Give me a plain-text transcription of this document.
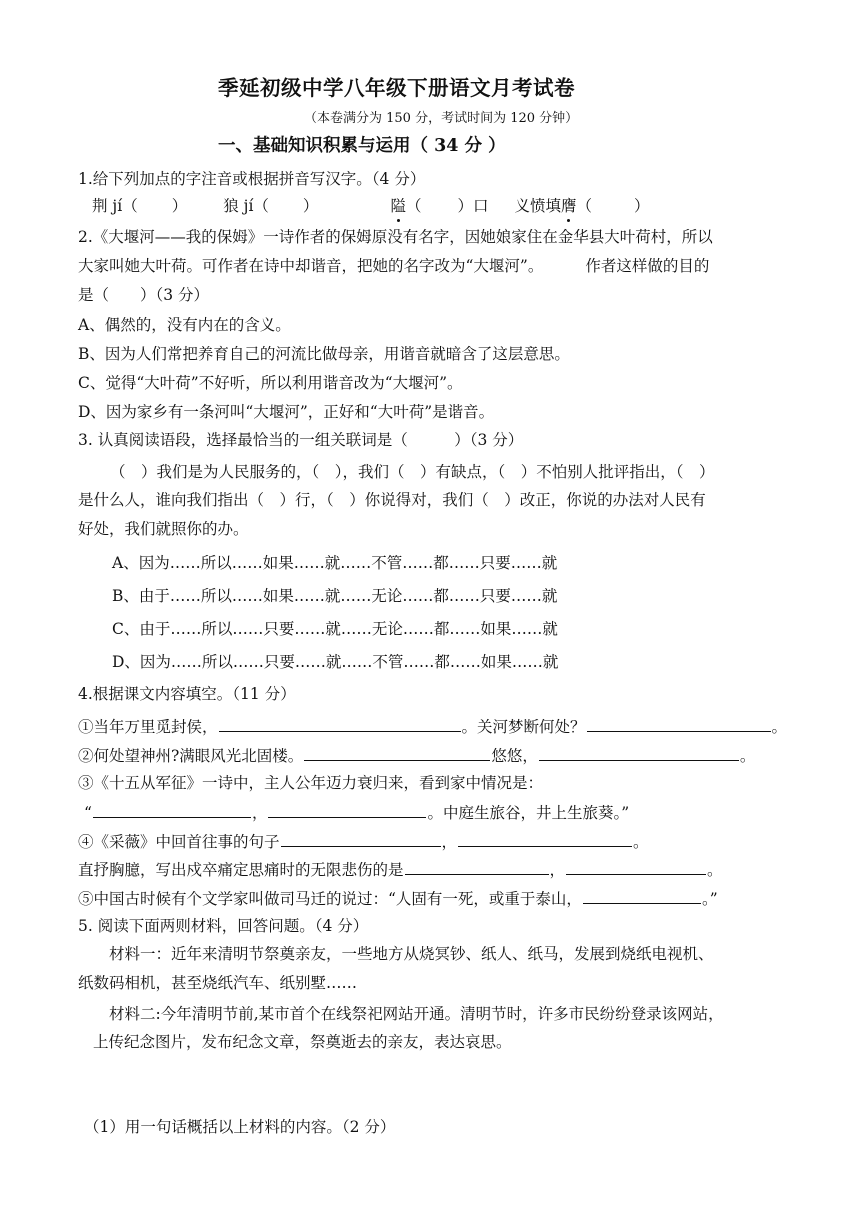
季延初级中学八年级下册语文月考试卷
（本卷满分为 150 分，考试时间为 120 分钟）
一、基础知识积累与运用（ 34 分 ）
1.给下列加点的字注音或根据拼音写汉字。（4 分）
荆 jí（ ） 狼 jí（ ）	隘（ ）口 义愤填膺（	）
2.《大堰河——我的保姆》一诗作者的保姆原没有名字，因她娘家住在金华县大叶荷村，所以
大家叫她大叶荷。可作者在诗中却谐音，把她的名字改为“大堰河”。	作者这样做的目的
是（　　）（3 分）
A、偶然的，没有内在的含义。
B、因为人们常把养育自己的河流比做母亲，用谐音就暗含了这层意思。
C、觉得“大叶荷”不好听，所以利用谐音改为“大堰河”。
D、因为家乡有一条河叫“大堰河”，正好和“大叶荷”是谐音。
3. 认真阅读语段，选择最恰当的一组关联词是（　　　）（3 分）
（　）我们是为人民服务的，（　），我们（　）有缺点，（　）不怕别人批评指出，（　）
是什么人，谁向我们指出（　）行，（　）你说得对，我们（　）改正，你说的办法对人民有
好处，我们就照你的办。
A、因为……所以……如果……就……不管……都……只要……就
B、由于……所以……如果……就……无论……都……只要……就
C、由于……所以……只要……就……无论……都……如果……就
D、因为……所以……只要……就……不管……都……如果……就
4.根据课文内容填空。（11 分）
①当年万里觅封侯，	。关河梦断何处？	。
②何处望神州?满眼风光北固楼。	悠悠，	。
③《十五从军征》一诗中，主人公年迈力衰归来，看到家中情况是：
“	，	。中庭生旅谷，井上生旅葵。”
④《采薇》中回首往事的句子	，	。
直抒胸臆，写出戍卒痛定思痛时的无限悲伤的是	，	。
⑤中国古时候有个文学家叫做司马迁的说过：“人固有一死，或重于泰山，	。”
5. 阅读下面两则材料，回答问题。（4 分）
材料一：近年来清明节祭奠亲友，一些地方从烧冥钞、纸人、纸马，发展到烧纸电视机、
纸数码相机，甚至烧纸汽车、纸别墅……
材料二:今年清明节前,某市首个在线祭祀网站开通。清明节时，许多市民纷纷登录该网站，
上传纪念图片，发布纪念文章，祭奠逝去的亲友，表达哀思。
（1）用一句话概括以上材料的内容。（2 分）
